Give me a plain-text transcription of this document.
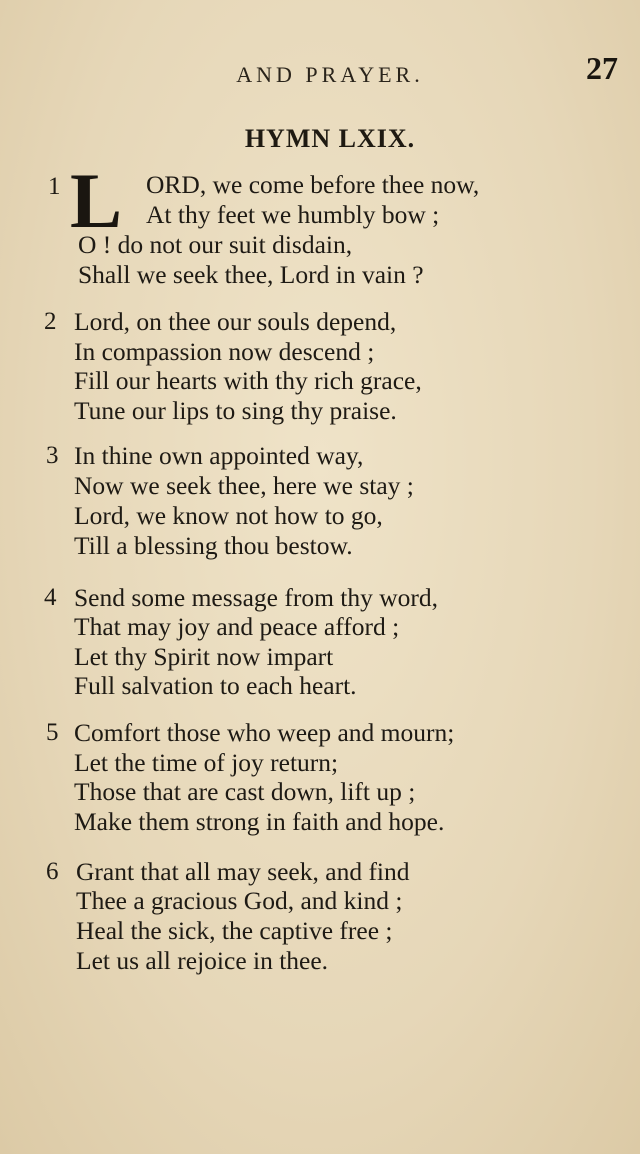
AND PRAYER.	27
HYMN LXIX.
L
1	ORD, we come before thee now,
At thy feet we humbly bow ;
O ! do not our suit disdain,
Shall we seek thee, Lord in vain ?
2 Lord, on thee our souls depend,
In compassion now descend ;
Fill our hearts with thy rich grace,
Tune our lips to sing thy praise.
3 In thine own appointed way,
Now we seek thee, here we stay ;
Lord, we know not how to go,
Till a blessing thou bestow.
4 Send some message from thy word,
That may joy and peace afford ;
Let thy Spirit now impart
Full salvation to each heart.
5 Comfort those who weep and mourn;
Let the time of joy return;
Those that are cast down, lift up ;
Make them strong in faith and hope.
6 Grant that all may seek, and find
Thee a gracious God, and kind ;
Heal the sick, the captive free ;
Let us all rejoice in thee.
